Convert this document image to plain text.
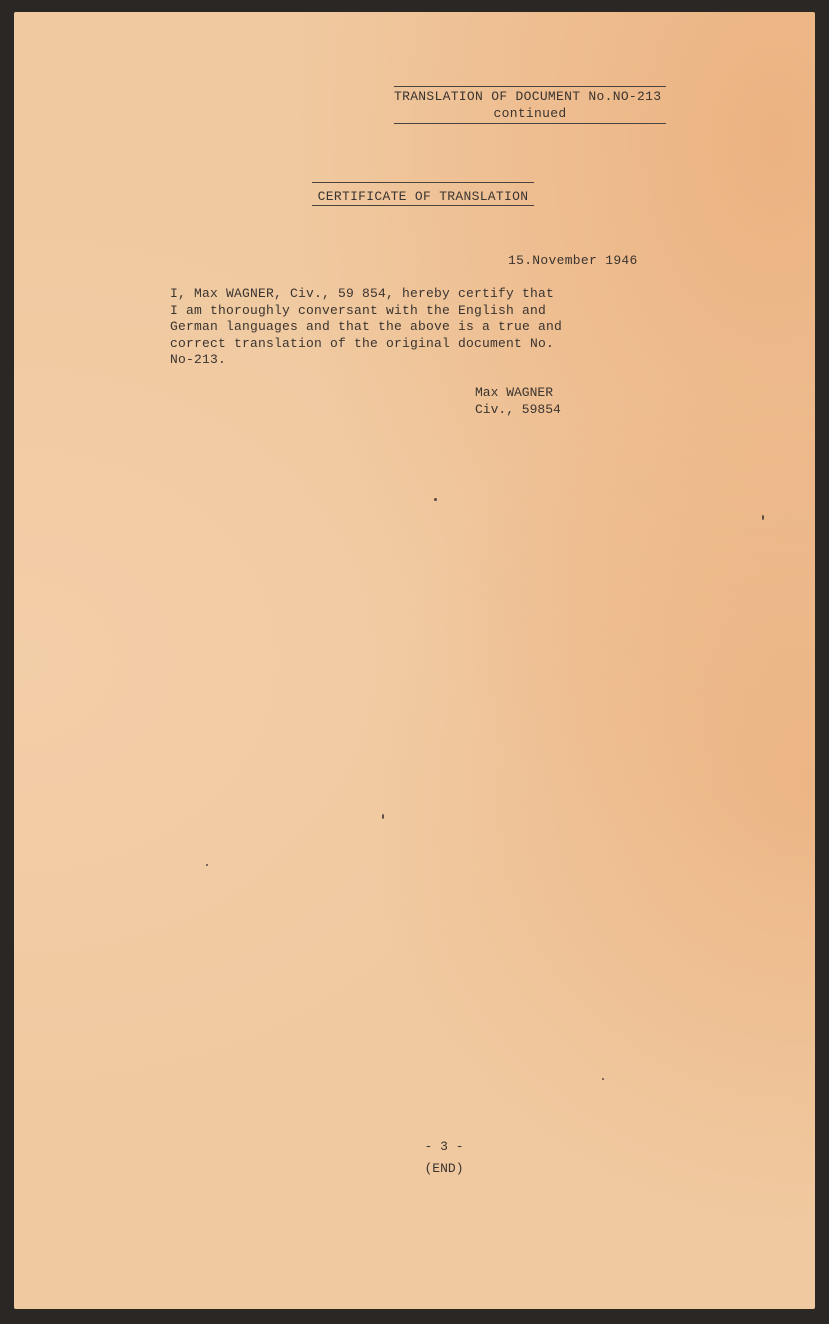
TRANSLATION OF DOCUMENT No.NO-213
continued
CERTIFICATE OF TRANSLATION
15.November 1946
I, Max WAGNER, Civ., 59 854, hereby certify that
I am thoroughly conversant with the English and
German languages and that the above is a true and
correct translation of the original document No.
No-213.
Max WAGNER
Civ., 59854
- 3 -
(END)
